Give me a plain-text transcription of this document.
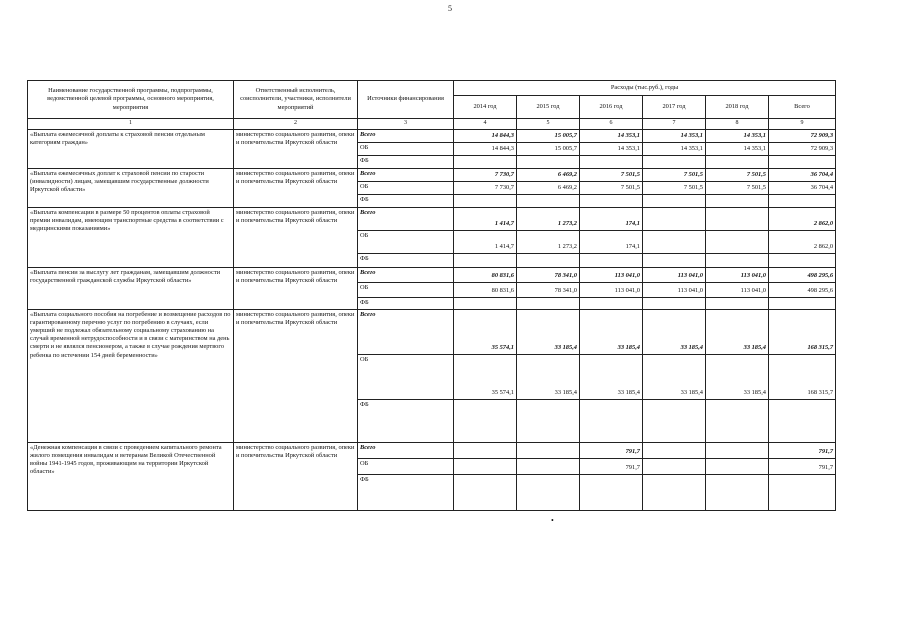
5
•
Наименование государственной программы, подпрограммы, ведомственной целевой программы, основного мероприятия, мероприятия	Ответственный исполнитель, соисполнители, участники, исполнители мероприятий	Источники финансирования	Расходы (тыс.руб.), годы					
			2014 год	2015 год	2016 год	2017 год	2018 год	Всего
1	2	3	4	5	6	7	8	9
«Выплата ежемесячной доплаты к страховой пенсии отдельным категориям граждан»	министерство социального развития, опеки и попечительства Иркутской области	Всего	14 844,3	15 005,7	14 353,1	14 353,1	14 353,1	72 909,3
		ОБ	14 844,3	15 005,7	14 353,1	14 353,1	14 353,1	72 909,3
		ФБ						
«Выплата ежемесячных доплат к страховой пенсии по старости (инвалидности) лицам, замещавшим государственные должности Иркутской области»	министерство социального развития, опеки и попечительства Иркутской области	Всего	7 730,7	6 469,2	7 501,5	7 501,5	7 501,5	36 704,4
		ОБ	7 730,7	6 469,2	7 501,5	7 501,5	7 501,5	36 704,4
		ФБ						
«Выплата компенсации в размере 50 процентов оплаты страховой премии инвалидам, имеющим транспортные средства в соответствии с медицинскими показаниями»	министерство социального развития, опеки и попечительства Иркутской области	Всего	1 414,7	1 273,2	174,1			2 862,0
		ОБ	1 414,7	1 273,2	174,1			2 862,0
		ФБ						
«Выплата пенсии за выслугу лет гражданам, замещавшим должности государственной гражданской службы Иркутской области»	министерство социального развития, опеки и попечительства Иркутской области	Всего	80 831,6	78 341,0	113 041,0	113 041,0	113 041,0	498 295,6
		ОБ	80 831,6	78 341,0	113 041,0	113 041,0	113 041,0	498 295,6
		ФБ						
«Выплата социального пособия на погребение и возмещение расходов по гарантированному перечню услуг по погребению в случаях, если умерший не подлежал обязательному социальному страхованию на случай временной нетрудоспособности и в связи с материнством на день смерти и не являлся пенсионером, а также в случае рождения мертвого ребенка по истечении 154 дней беременности»	министерство социального развития, опеки и попечительства Иркутской области	Всего	35 574,1	33 185,4	33 185,4	33 185,4	33 185,4	168 315,7
		ОБ	35 574,1	33 185,4	33 185,4	33 185,4	33 185,4	168 315,7
		ФБ						
«Денежная компенсация в связи с проведением капитального ремонта жилого помещения инвалидам и ветеранам Великой Отечественной войны 1941-1945 годов, проживающим на территории Иркутской области»	министерство социального развития, опеки и попечительства Иркутской области	Всего			791,7			791,7
		ОБ			791,7			791,7
		ФБ						
